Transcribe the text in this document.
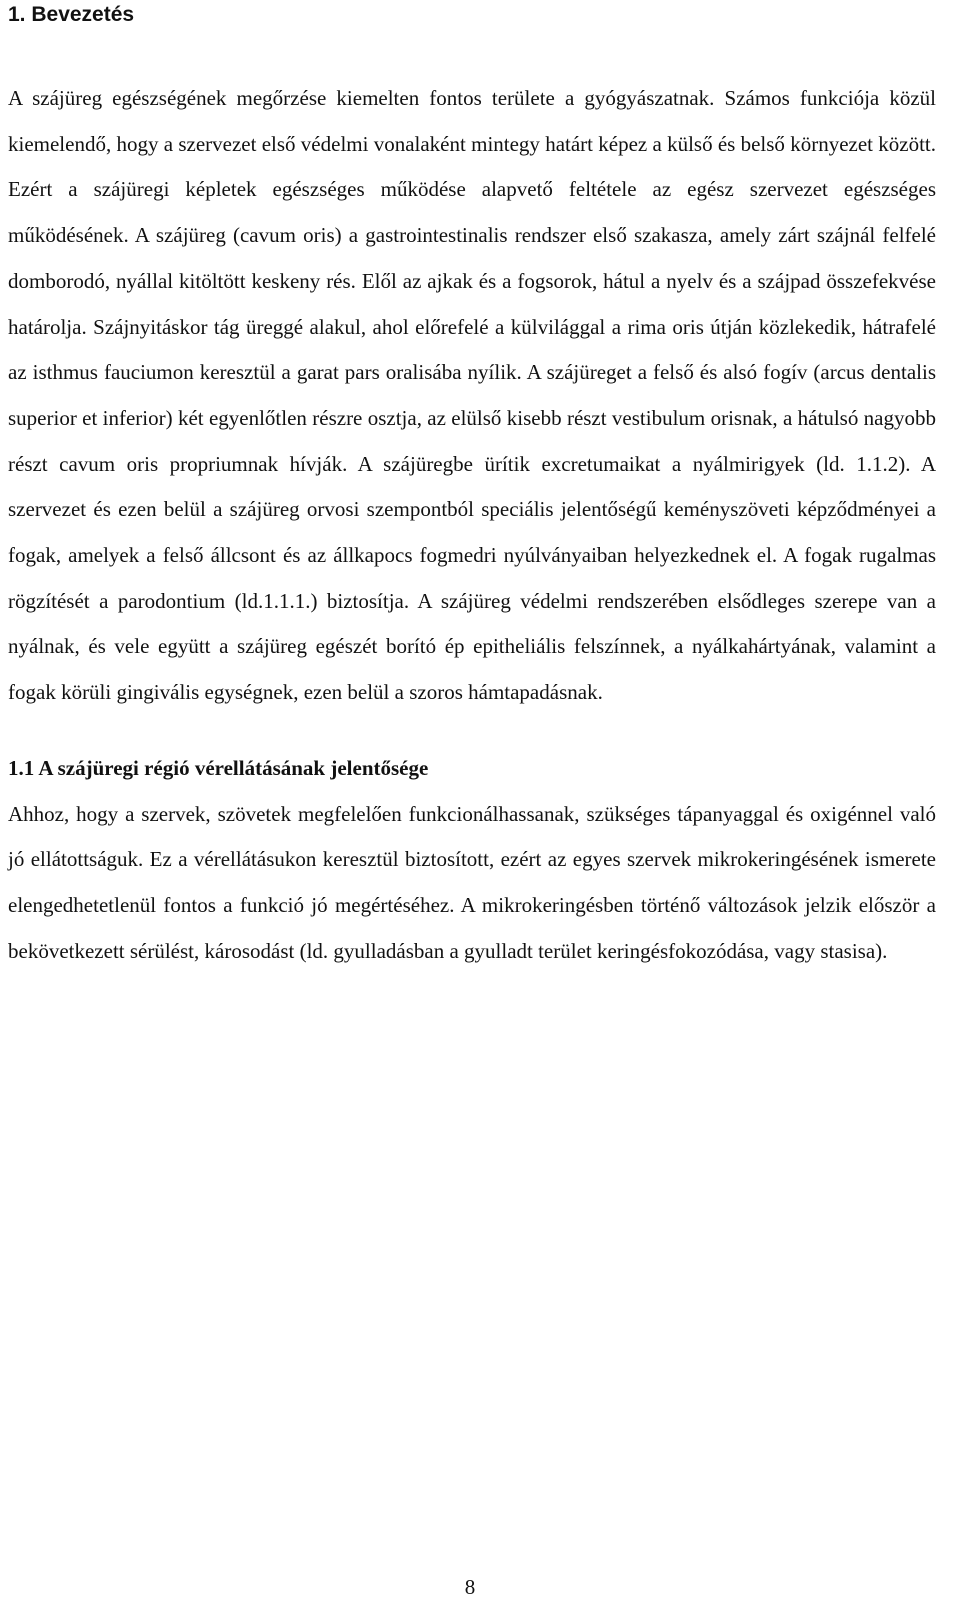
1. Bevezetés

A szájüreg egészségének megőrzése kiemelten fontos területe a gyógyászatnak. Számos funkciója közül kiemelendő, hogy a szervezet első védelmi vonalaként mintegy határt képez a külső és belső környezet között. Ezért a szájüregi képletek egészséges működése alapvető feltétele az egész szervezet egészséges működésének. A szájüreg (cavum oris) a gastrointestinalis rendszer első szakasza, amely zárt szájnál felfelé domborodó, nyállal kitöltött keskeny rés. Elől az ajkak és a fogsorok, hátul a nyelv és a szájpad összefekvése határolja. Szájnyitáskor tág üreggé alakul, ahol előrefelé a külvilággal a rima oris útján közlekedik, hátrafelé az isthmus fauciumon keresztül a garat pars oralisába nyílik. A szájüreget a felső és alsó fogív (arcus dentalis superior et inferior) két egyenlőtlen részre osztja, az elülső kisebb részt vestibulum orisnak, a hátulsó nagyobb részt cavum oris propriumnak hívják. A szájüregbe ürítik excretumaikat a nyálmirigyek (ld. 1.1.2). A szervezet és ezen belül a szájüreg orvosi szempontból speciális jelentőségű keményszöveti képződményei a fogak, amelyek a felső állcsont és az állkapocs fogmedri nyúlványaiban helyezkednek el. A fogak rugalmas rögzítését a parodontium (ld.1.1.1.) biztosítja. A szájüreg védelmi rendszerében elsődleges szerepe van a nyálnak, és vele együtt a szájüreg egészét borító ép epitheliális felszínnek, a nyálkahártyának, valamint a fogak körüli gingivális egységnek, ezen belül a szoros hámtapadásnak.

1.1 A szájüregi régió vérellátásának jelentősége

Ahhoz, hogy a szervek, szövetek megfelelően funkcionálhassanak, szükséges tápanyaggal és oxigénnel való jó ellátottságuk. Ez a vérellátásukon keresztül biztosított, ezért az egyes szervek mikrokeringésének ismerete elengedhetetlenül fontos a funkció jó megértéséhez. A mikrokeringésben történő változások jelzik először a bekövetkezett sérülést, károsodást (ld. gyulladásban a gyulladt terület keringésfokozódása, vagy stasisa).

8
